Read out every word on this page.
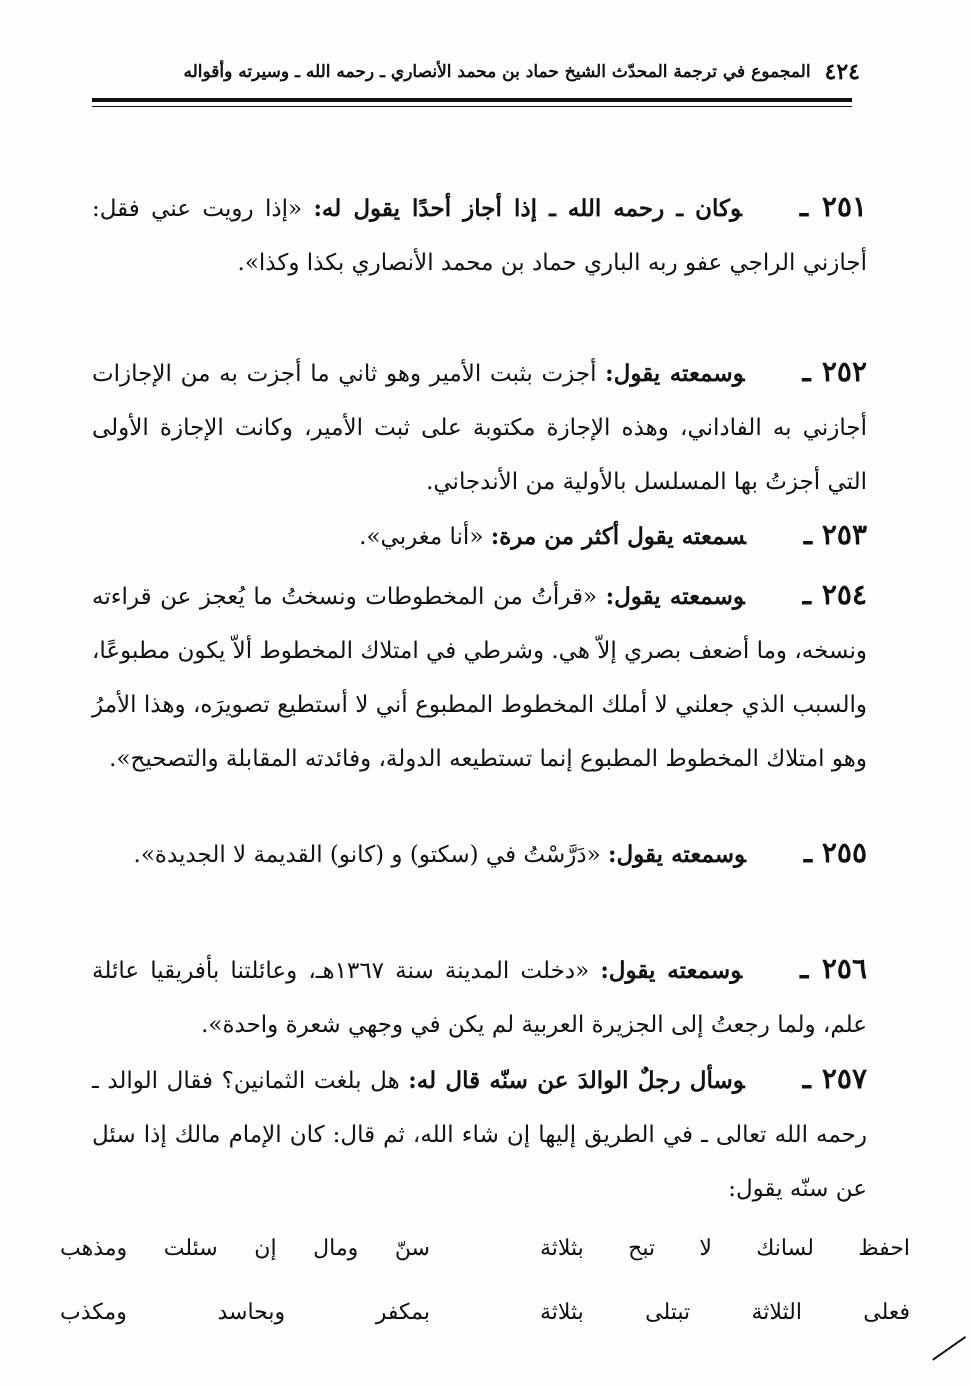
٤٢٤
المجموع في ترجمة المحدّث الشيخ حماد بن محمد الأنصاري ـ رحمه الله ـ وسيرته وأقواله
٢٥١ ـوكان ـ رحمه الله ـ إذا أجاز أحدًا يقول له: «إذا رويت عني فقل: أجازني الراجي عفو ربه الباري حماد بن محمد الأنصاري بكذا وكذا».
٢٥٢ ـوسمعته يقول: أجزت بثبت الأمير وهو ثاني ما أجزت به من الإجازات أجازني به الفاداني، وهذه الإجازة مكتوبة على ثبت الأمير، وكانت الإجازة الأولى التي أجزتُ بها المسلسل بالأولية من الأندجاني.
٢٥٣ ـسمعته يقول أكثر من مرة: «أنا مغربي».
٢٥٤ ـوسمعته يقول: «قرأتُ من المخطوطات ونسختُ ما يُعجز عن قراءته ونسخه، وما أضعف بصري إلاّ هي. وشرطي في امتلاك المخطوط ألاّ يكون مطبوعًا، والسبب الذي جعلني لا أملك المخطوط المطبوع أني لا أستطيع تصويرَه، وهذا الأمرُ وهو امتلاك المخطوط المطبوع إنما تستطيعه الدولة، وفائدته المقابلة والتصحيح».
٢٥٥ ـوسمعته يقول: «دَرَّسْتُ في (سكتو) و (كانو) القديمة لا الجديدة».
٢٥٦ ـوسمعته يقول: «دخلت المدينة سنة ١٣٦٧هـ، وعائلتنا بأفريقيا عائلة علم، ولما رجعتُ إلى الجزيرة العربية لم يكن في وجهي شعرة واحدة».
٢٥٧ ـوسأل رجلٌ الوالدَ عن سنّه قال له: هل بلغت الثمانين؟ فقال الوالد ـ رحمه الله تعالى ـ في الطريق إليها إن شاء الله، ثم قال: كان الإمام مالك إذا سئل عن سنّه يقول:
احفظ لسانك لا تبح بثلاثة
سنّ ومال إن سئلت ومذهب
فعلى الثلاثة تبتلى بثلاثة
بمكفر وبحاسد ومكذب
